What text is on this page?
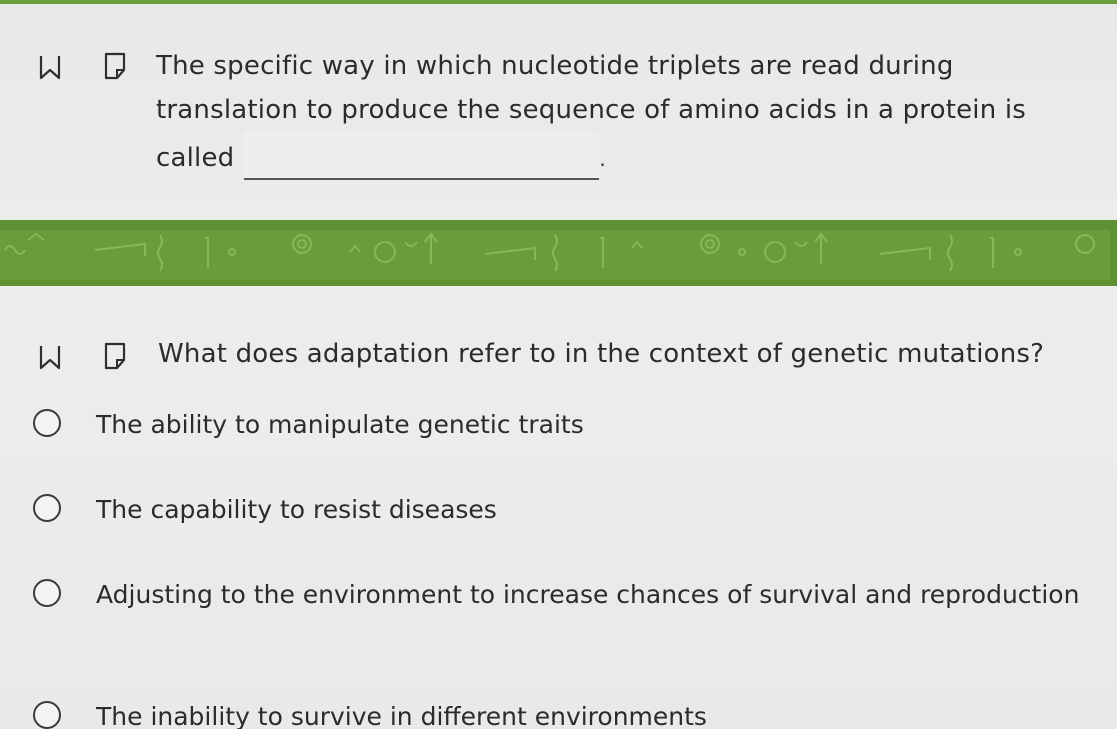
The specific way in which nucleotide triplets are read during translation to produce the sequence of amino acids in a protein is called	.
What does adaptation refer to in the context of genetic mutations?
The ability to manipulate genetic traits
The capability to resist diseases
Adjusting to the environment to increase chances of survival and reproduction
The inability to survive in different environments
